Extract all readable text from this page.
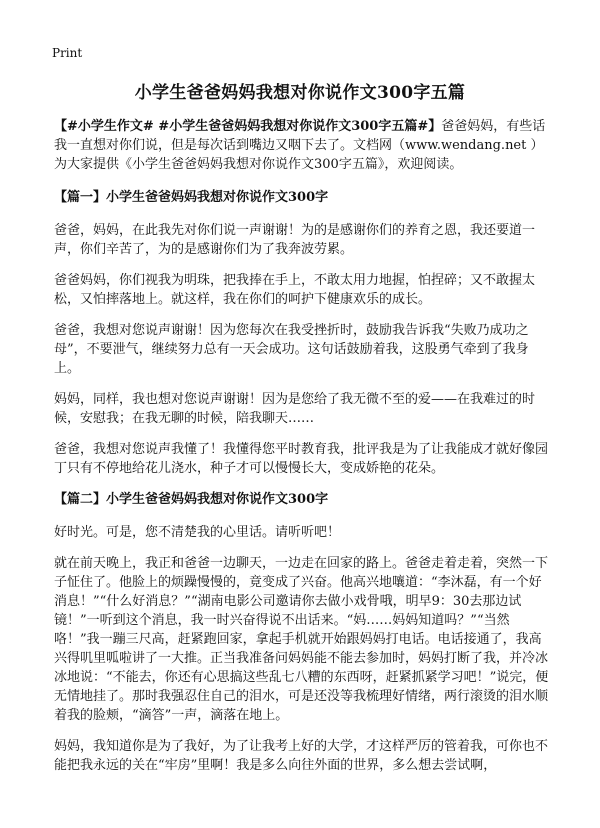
Print
小学生爸爸妈妈我想对你说作文300字五篇

【#小学生作文# #小学生爸爸妈妈我想对你说作文300字五篇#】爸爸妈妈，有些话我一直想对你们说，但是每次话到嘴边又咽下去了。文档网（www.wendang.net ）为大家提供《小学生爸爸妈妈我想对你说作文300字五篇》，欢迎阅读。

【篇一】小学生爸爸妈妈我想对你说作文300字

爸爸，妈妈，在此我先对你们说一声谢谢！为的是感谢你们的养育之恩，我还要道一声，你们辛苦了，为的是感谢你们为了我奔波劳累。

爸爸妈妈，你们视我为明珠，把我捧在手上，不敢太用力地握，怕捏碎；又不敢握太松，又怕摔落地上。就这样，我在你们的呵护下健康欢乐的成长。

爸爸，我想对您说声谢谢！因为您每次在我受挫折时，鼓励我告诉我“失败乃成功之母”，不要泄气，继续努力总有一天会成功。这句话鼓励着我，这股勇气牵到了我身上。

妈妈，同样，我也想对您说声谢谢！因为是您给了我无微不至的爱——在我难过的时候，安慰我；在我无聊的时候，陪我聊天……

爸爸，我想对您说声我懂了！我懂得您平时教育我，批评我是为了让我能成才就好像园丁只有不停地给花儿浇水，种子才可以慢慢长大，变成娇艳的花朵。

【篇二】小学生爸爸妈妈我想对你说作文300字

好时光。可是，您不清楚我的心里话。请听听吧！

就在前天晚上，我正和爸爸一边聊天，一边走在回家的路上。爸爸走着走着，突然一下子怔住了。他脸上的烦躁慢慢的，竟变成了兴奋。他高兴地嚷道：“李沐磊，有一个好消息！”“什么好消息？”“湖南电影公司邀请你去做小戏骨哦，明早9：30去那边试镜！”一听到这个消息，我一时兴奋得说不出话来。“妈……妈妈知道吗？”“当然咯！”我一蹦三尺高，赶紧跑回家，拿起手机就开始跟妈妈打电话。电话接通了，我高兴得叽里呱啦讲了一大推。正当我准备问妈妈能不能去参加时，妈妈打断了我，并冷冰冰地说：“不能去，你还有心思搞这些乱七八糟的东西呀，赶紧抓紧学习吧！”说完，便无情地挂了。那时我强忍住自己的泪水，可是还没等我梳理好情绪，两行滚烫的泪水顺着我的脸颊，“滴答”一声，滴落在地上。

妈妈，我知道你是为了我好，为了让我考上好的大学，才这样严厉的管着我，可你也不能把我永远的关在“牢房”里啊！我是多么向往外面的世界，多么想去尝试啊，
